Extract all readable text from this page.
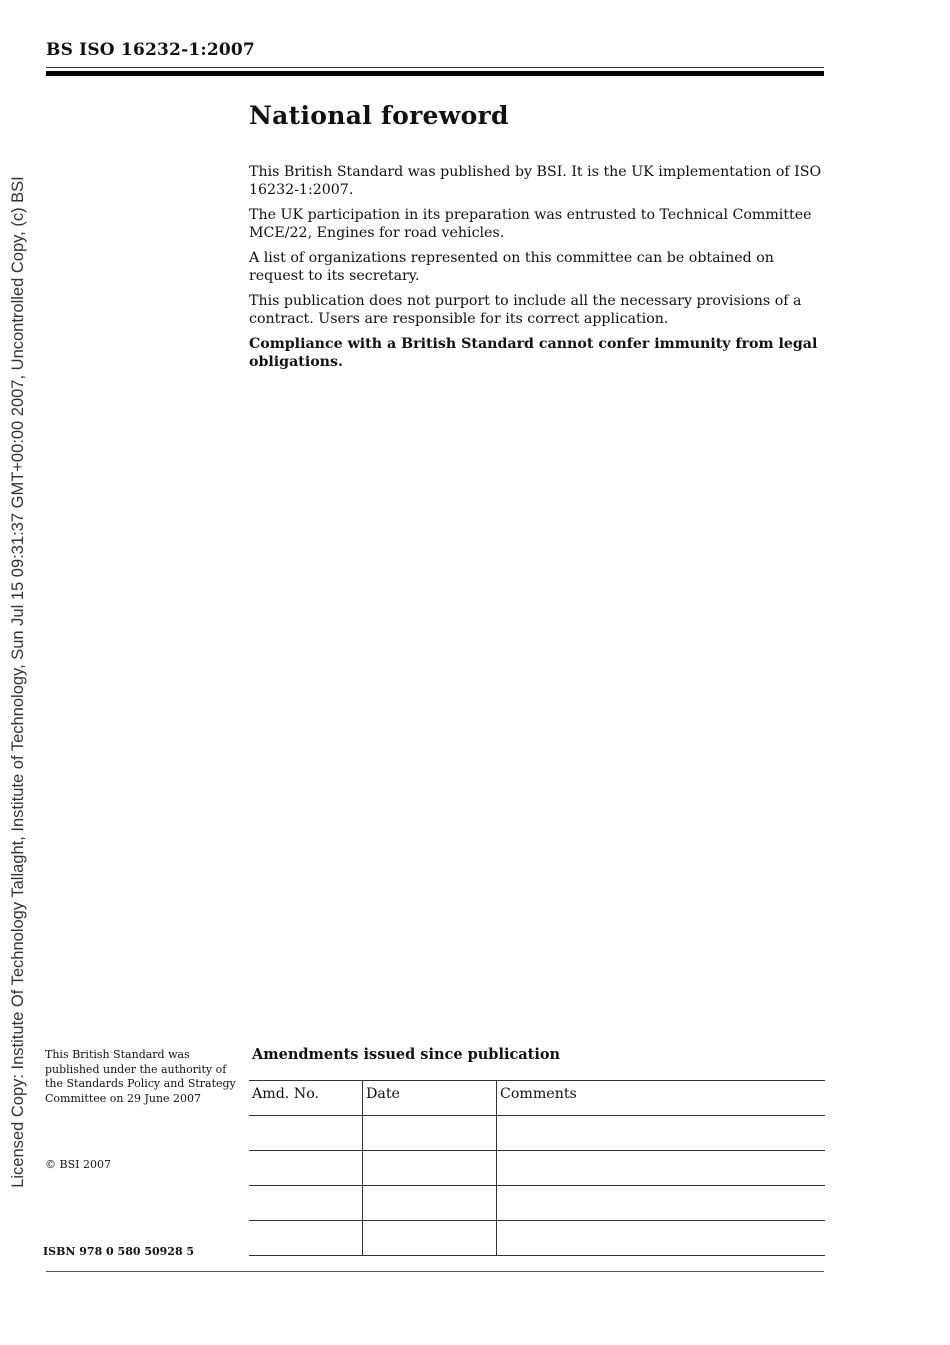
Licensed Copy: Institute Of Technology Tallaght, Institute of Technology, Sun Jul 15 09:31:37 GMT+00:00 2007, Uncontrolled Copy, (c) BSI
BS ISO 16232-1:2007
National foreword

This British Standard was published by BSI. It is the UK implementation of ISO 16232-1:2007.

The UK participation in its preparation was entrusted to Technical Committee MCE/22, Engines for road vehicles.

A list of organizations represented on this committee can be obtained on request to its secretary.

This publication does not purport to include all the necessary provisions of a contract. Users are responsible for its correct application.

Compliance with a British Standard cannot confer immunity from legal obligations.

This British Standard was published under the authority of the Standards Policy and Strategy Committee on 29 June 2007
© BSI 2007
ISBN 978 0 580 50928 5
Amendments issued since publication
Amd. No.	Date	Comments
